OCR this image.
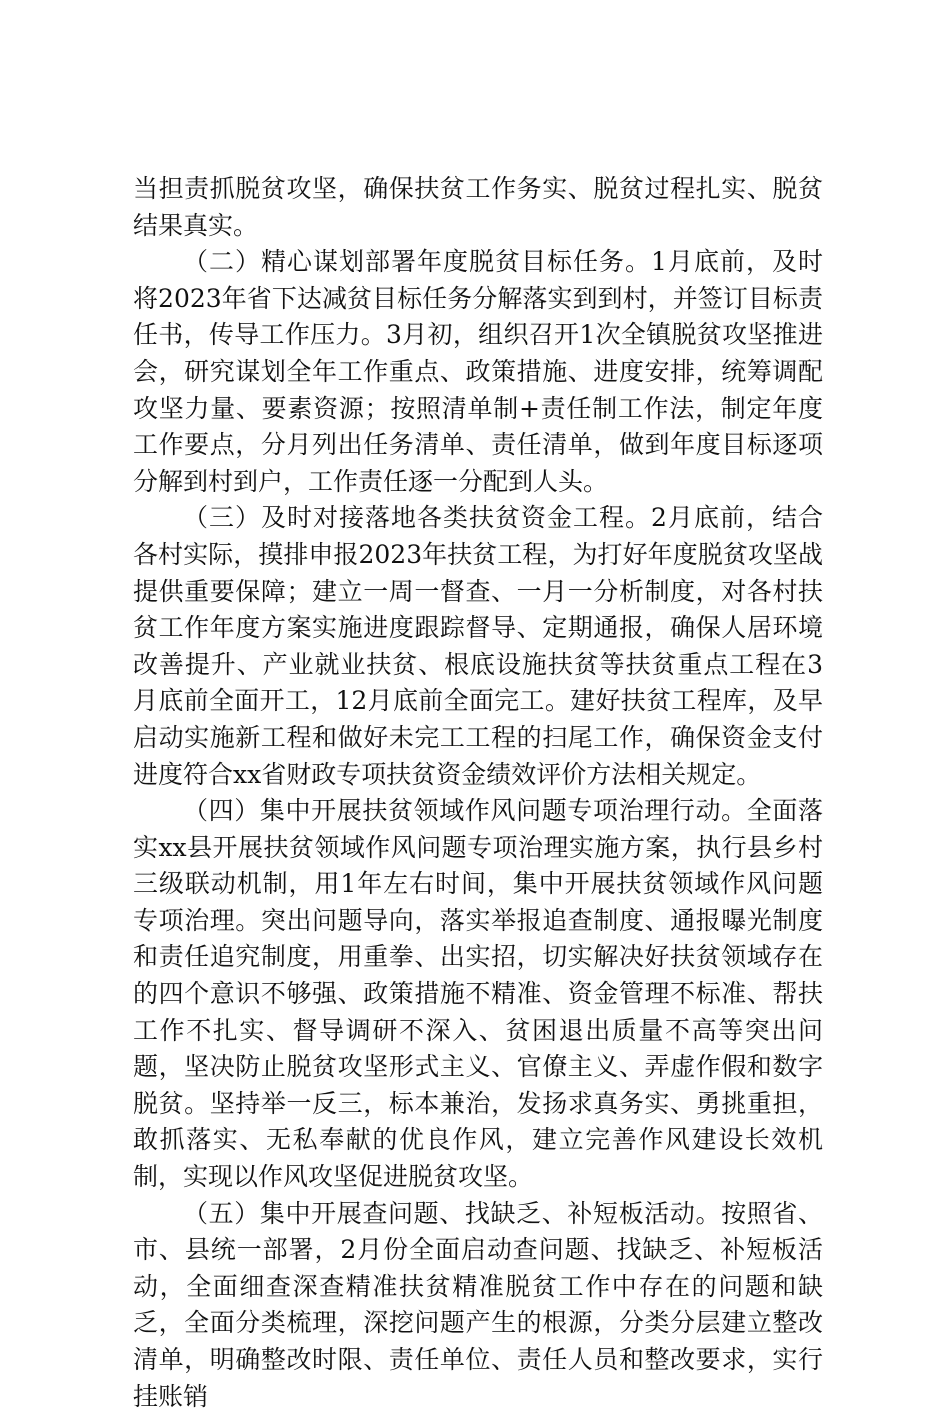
当担责抓脱贫攻坚，确保扶贫工作务实、脱贫过程扎实、脱贫结果真实。

（二）精心谋划部署年度脱贫目标任务。1月底前，及时将2023年省下达减贫目标任务分解落实到到村，并签订目标责任书，传导工作压力。3月初，组织召开1次全镇脱贫攻坚推进会，研究谋划全年工作重点、政策措施、进度安排，统筹调配攻坚力量、要素资源；按照清单制+责任制工作法，制定年度工作要点，分月列出任务清单、责任清单，做到年度目标逐项分解到村到户，工作责任逐一分配到人头。

（三）及时对接落地各类扶贫资金工程。2月底前，结合各村实际，摸排申报2023年扶贫工程，为打好年度脱贫攻坚战提供重要保障；建立一周一督查、一月一分析制度，对各村扶贫工作年度方案实施进度跟踪督导、定期通报，确保人居环境改善提升、产业就业扶贫、根底设施扶贫等扶贫重点工程在3月底前全面开工，12月底前全面完工。建好扶贫工程库，及早启动实施新工程和做好未完工工程的扫尾工作，确保资金支付进度符合xx省财政专项扶贫资金绩效评价方法相关规定。

（四）集中开展扶贫领域作风问题专项治理行动。全面落实xx县开展扶贫领域作风问题专项治理实施方案，执行县乡村三级联动机制，用1年左右时间，集中开展扶贫领域作风问题专项治理。突出问题导向，落实举报追查制度、通报曝光制度和责任追究制度，用重拳、出实招，切实解决好扶贫领域存在的四个意识不够强、政策措施不精准、资金管理不标准、帮扶工作不扎实、督导调研不深入、贫困退出质量不高等突出问题，坚决防止脱贫攻坚形式主义、官僚主义、弄虚作假和数字脱贫。坚持举一反三，标本兼治，发扬求真务实、勇挑重担，敢抓落实、无私奉献的优良作风，建立完善作风建设长效机制，实现以作风攻坚促进脱贫攻坚。

（五）集中开展查问题、找缺乏、补短板活动。按照省、市、县统一部署，2月份全面启动查问题、找缺乏、补短板活动，全面细查深查精准扶贫精准脱贫工作中存在的问题和缺乏，全面分类梳理，深挖问题产生的根源，分类分层建立整改清单，明确整改时限、责任单位、责任人员和整改要求，实行挂账销
